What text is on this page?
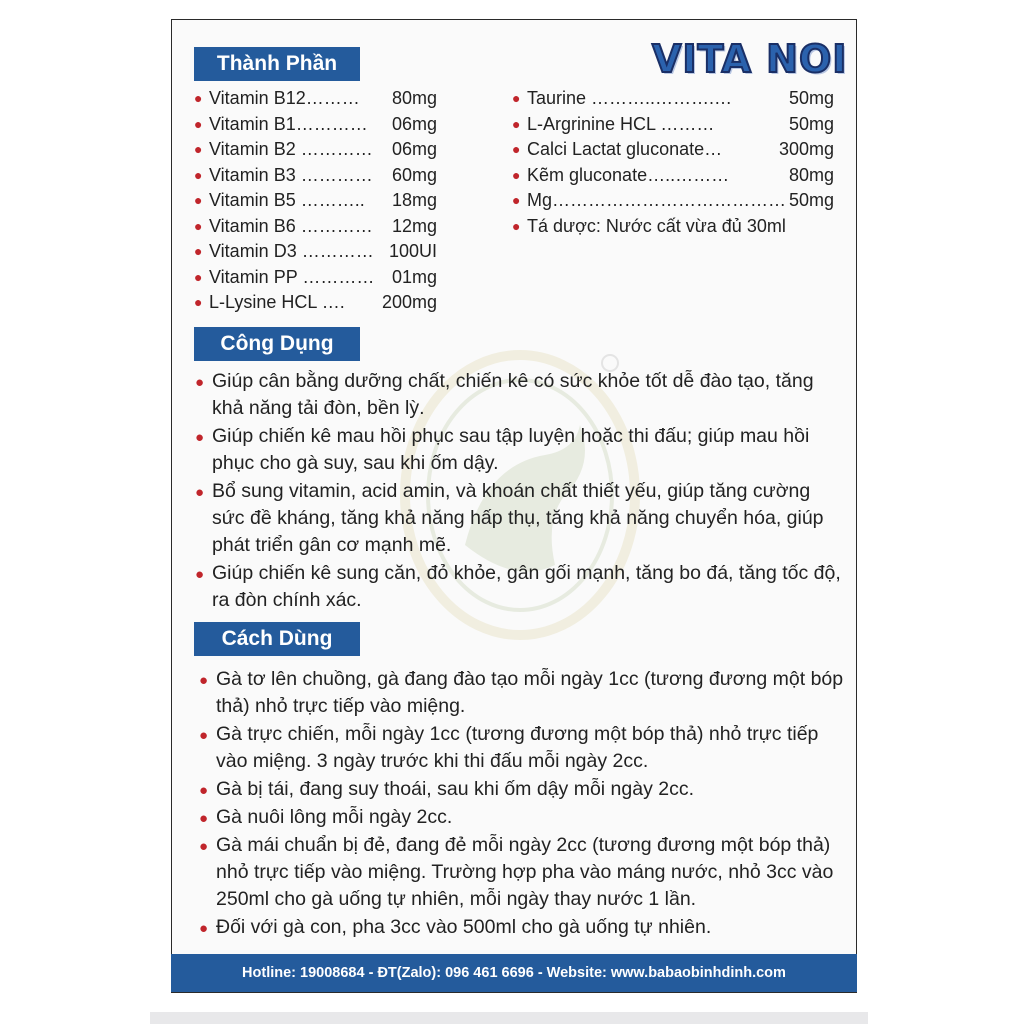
VITA NOI
Thành Phần
● Vitamin B12……… 80mg
● Vitamin B1………… 06mg
● Vitamin B2 ………… 06mg
● Vitamin B3 ………… 60mg
● Vitamin B5 ……….. 18mg
● Vitamin B6 ………… 12mg
● Vitamin D3 ………… 100UI
● Vitamin PP ………… 01mg
● L-Lysine HCL …. 200mg
● Taurine ………..……….…	50mg
● L-Argrinine HCL ………	50mg
● Calci Lactat gluconate…	300mg
● Kẽm gluconate…..………	80mg
● Mg………………………………… 50mg
● Tá dược: Nước cất vừa đủ 30ml
Công Dụng
● Giúp cân bằng dưỡng chất, chiến kê có sức khỏe tốt dễ đào tạo, tăng khả năng tải đòn, bền lỳ.
● Giúp chiến kê mau hồi phục sau tập luyện hoặc thi đấu; giúp mau hồi phục cho gà suy, sau khi ốm dậy.
● Bổ sung vitamin, acid amin, và khoán chất thiết yếu, giúp tăng cường sức đề kháng, tăng khả năng hấp thụ, tăng khả năng chuyển hóa, giúp phát triển gân cơ mạnh mẽ.
● Giúp chiến kê sung căn, đỏ khỏe, gân gối mạnh, tăng bo đá, tăng tốc độ, ra đòn chính xác.
Cách Dùng
● Gà tơ lên chuồng, gà đang đào tạo mỗi ngày 1cc (tương đương một bóp thả) nhỏ trực tiếp vào miệng.
● Gà trực chiến, mỗi ngày 1cc (tương đương một bóp thả) nhỏ trực tiếp vào miệng. 3 ngày trước khi thi đấu mỗi ngày 2cc.
● Gà bị tái, đang suy thoái, sau khi ốm dậy mỗi ngày 2cc.
● Gà nuôi lông mỗi ngày 2cc.
● Gà mái chuẩn bị đẻ, đang đẻ mỗi ngày 2cc (tương đương một bóp thả) nhỏ trực tiếp vào miệng. Trường hợp pha vào máng nước, nhỏ 3cc vào 250ml cho gà uống tự nhiên, mỗi ngày thay nước 1 lần.
● Đối với gà con, pha 3cc vào 500ml cho gà uống tự nhiên.
Hotline: 19008684 - ĐT(Zalo): 096 461 6696 - Website: www.babaobinhdinh.com
